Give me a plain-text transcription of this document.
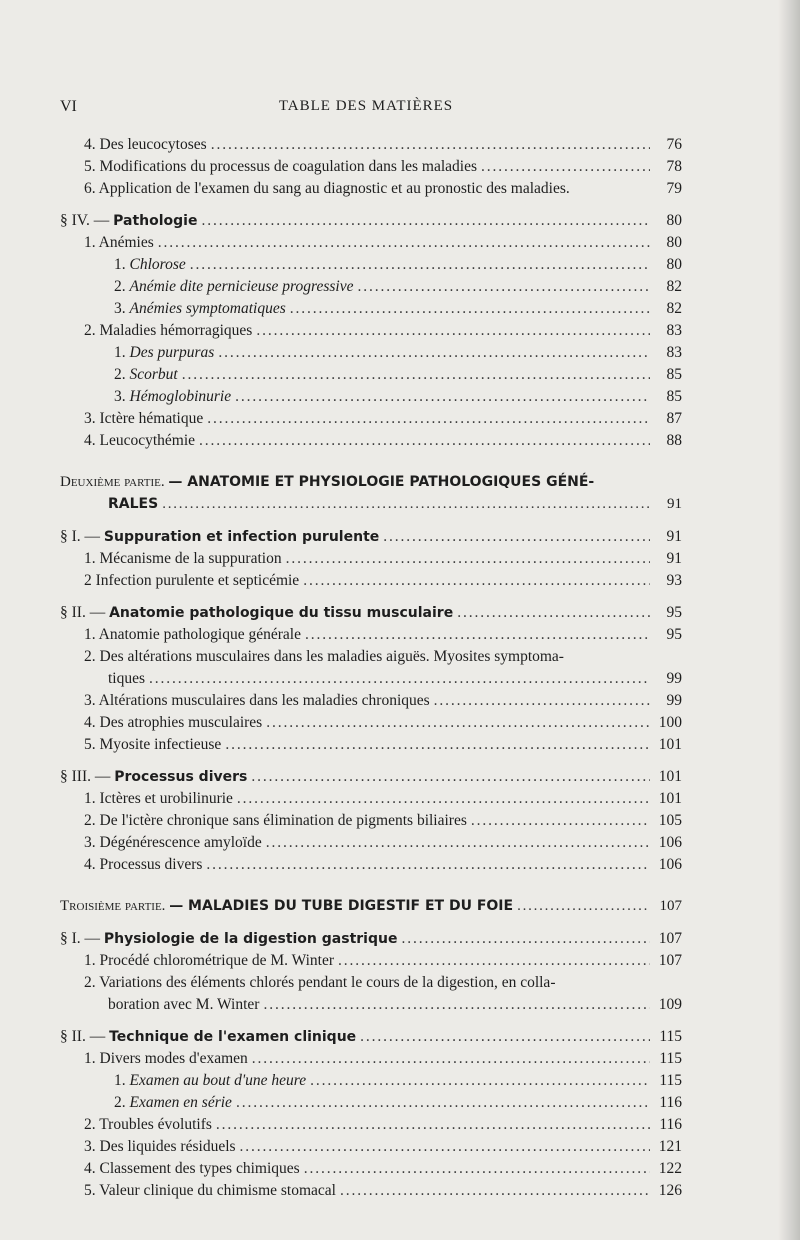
VI	TABLE DES MATIÈRES
4. Des leucocytoses . . .	76
5. Modifications du processus de coagulation dans les maladies . . .	78
6. Application de l'examen du sang au diagnostic et au pronostic des maladies.	79
§ IV. — Pathologie . . .	80
1. Anémies . . .	80
1. Chlorose . . .	80
2. Anémie dite pernicieuse progressive . . .	82
3. Anémies symptomatiques . . .	82
2. Maladies hémorragiques . . .	83
1. Des purpuras . . .	83
2. Scorbut . . .	85
3. Hémoglobinurie . . .	85
3. Ictère hématique . . .	87
4. Leucocythémie . . .	88
Deuxième partie. — ANATOMIE ET PHYSIOLOGIE PATHOLOGIQUES GÉNÉ-
RALES . . .	91
§ I. — Suppuration et infection purulente . . .	91
1. Mécanisme de la suppuration . . .	91
2 Infection purulente et septicémie . . .	93
§ II. — Anatomie pathologique du tissu musculaire . . .	95
1. Anatomie pathologique générale . . .	95
2. Des altérations musculaires dans les maladies aiguës. Myosites symptoma-
tiques . . .	99
3. Altérations musculaires dans les maladies chroniques . . .	99
4. Des atrophies musculaires . . .	100
5. Myosite infectieuse . . .	101
§ III. — Processus divers . . .	101
1. Ictères et urobilinurie . . .	101
2. De l'ictère chronique sans élimination de pigments biliaires . . .	105
3. Dégénérescence amyloïde . . .	106
4. Processus divers . . .	106
Troisième partie. — MALADIES DU TUBE DIGESTIF ET DU FOIE . . .	107
§ I. — Physiologie de la digestion gastrique . . .	107
1. Procédé chlorométrique de M. Winter . . .	107
2. Variations des éléments chlorés pendant le cours de la digestion, en colla-
boration avec M. Winter . . .	109
§ II. — Technique de l'examen clinique . . .	115
1. Divers modes d'examen . . .	115
1. Examen au bout d'une heure . . .	115
2. Examen en série . . .	116
2. Troubles évolutifs . . .	116
3. Des liquides résiduels . . .	121
4. Classement des types chimiques . . .	122
5. Valeur clinique du chimisme stomacal . . .	126
